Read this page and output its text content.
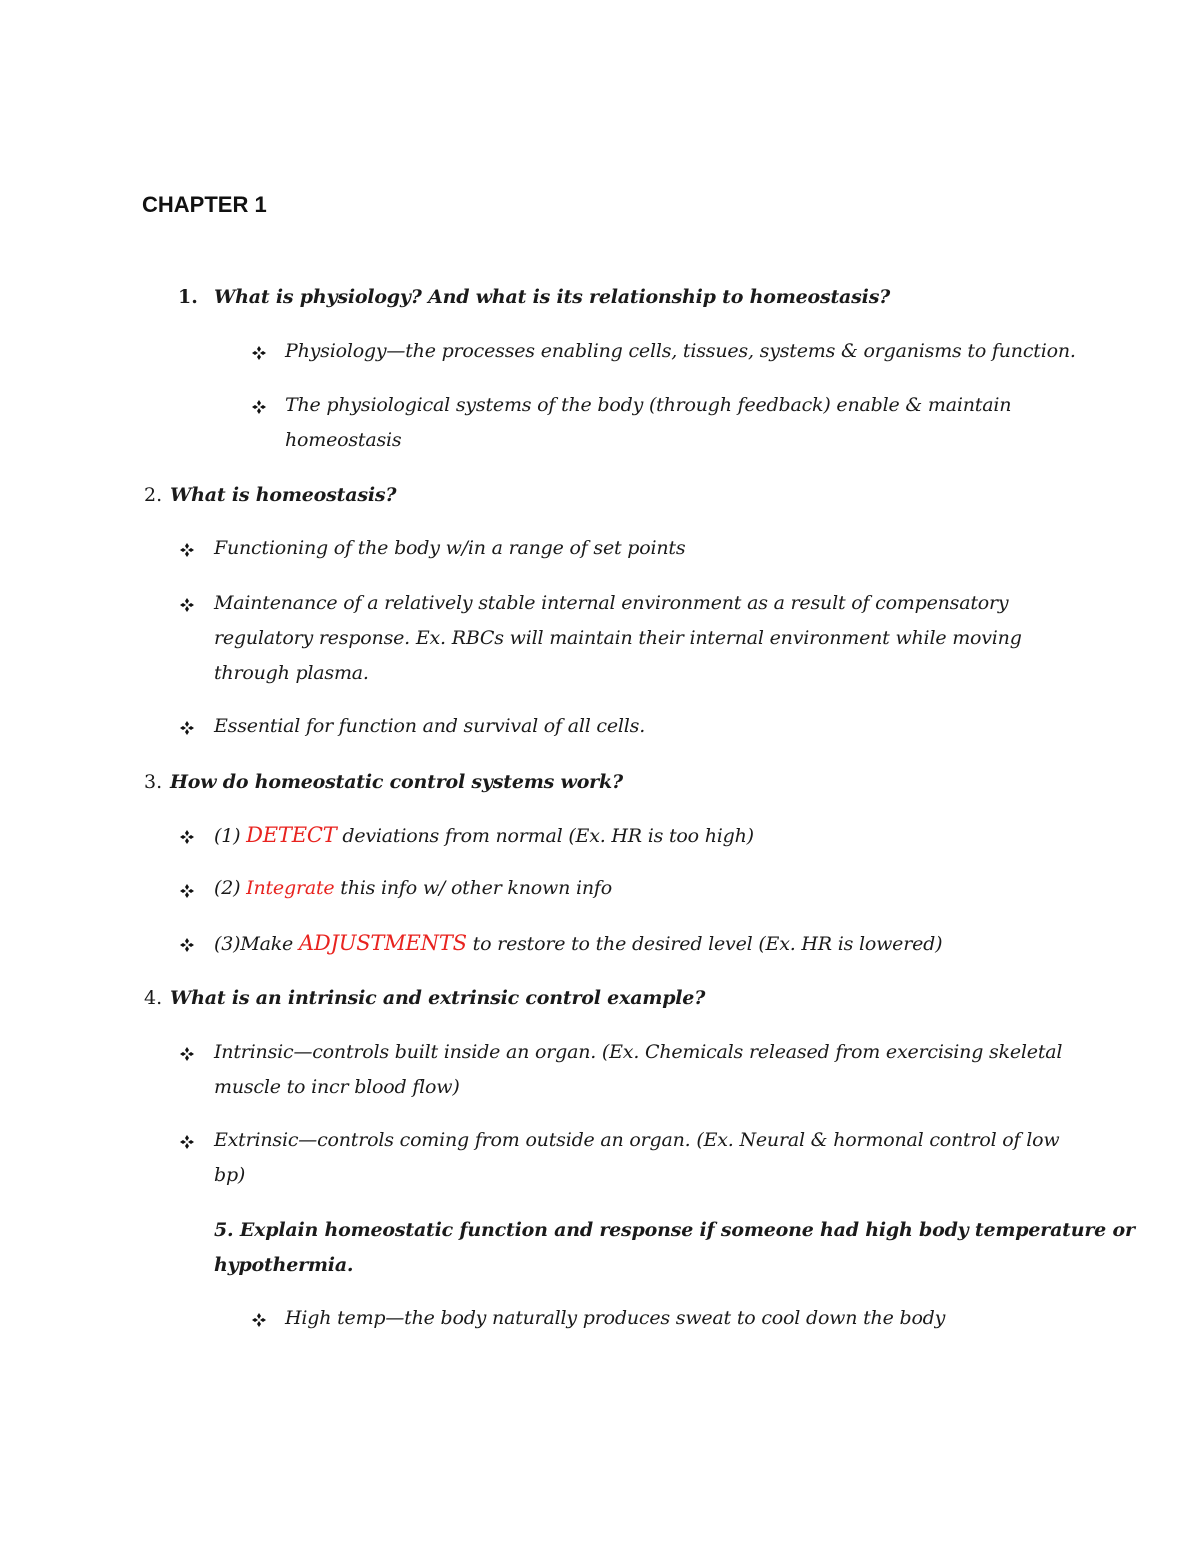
CHAPTER 1
1. What is physiology? And what is its relationship to homeostasis?
Physiology—the processes enabling cells, tissues, systems & organisms to function.
The physiological systems of the body (through feedback) enable & maintain
homeostasis
2. What is homeostasis?
Functioning of the body w/in a range of set points
Maintenance of a relatively stable internal environment as a result of compensatory
regulatory response. Ex. RBCs will maintain their internal environment while moving
through plasma.
Essential for function and survival of all cells.
3. How do homeostatic control systems work?
(1) DETECT deviations from normal (Ex. HR is too high)
(2) Integrate this info w/ other known info
(3)Make ADJUSTMENTS to restore to the desired level (Ex. HR is lowered)
4. What is an intrinsic and extrinsic control example?
Intrinsic—controls built inside an organ. (Ex. Chemicals released from exercising skeletal
muscle to incr blood flow)
Extrinsic—controls coming from outside an organ. (Ex. Neural & hormonal control of low
bp)
5. Explain homeostatic function and response if someone had high body temperature or
hypothermia.
High temp—the body naturally produces sweat to cool down the body
